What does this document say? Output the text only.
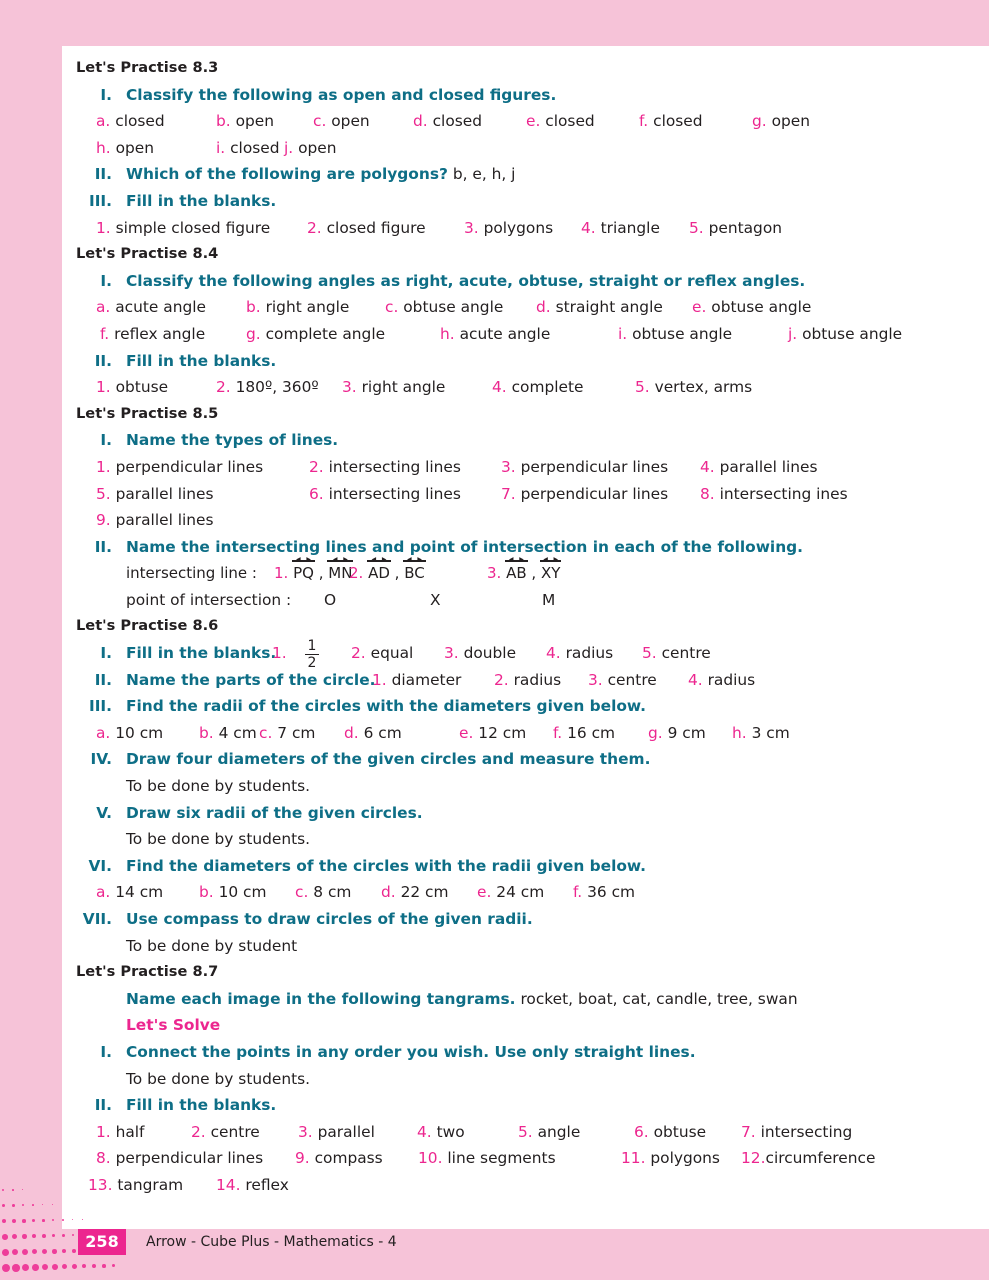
Let's Practise 8.3
I. Classify the following as open and closed figures.
a. closed	b. open	c. open	d. closed	e. closed	f. closed	g. open
h. open	i. closed j. open
II. Which of the following are polygons? b, e, h, j
III. Fill in the blanks.
1. simple closed figure 2. closed figure 3. polygons 4. triangle 5. pentagon
Let's Practise 8.4
I. Classify the following angles as right, acute, obtuse, straight or reflex angles.
a. acute angle	b. right angle c. obtuse angle d. straight angle e. obtuse angle
f. reflex angle	g. complete angle	h. acute angle	i. obtuse angle	j. obtuse angle
II. Fill in the blanks.
1. obtuse	2. 180º, 360º 3. right angle	4. complete	5. vertex, arms
Let's Practise 8.5
I. Name the types of lines.
1. perpendicular lines	2. intersecting lines	3. perpendicular lines 4. parallel lines
5. parallel lines	6. intersecting lines	7. perpendicular lines 8. intersecting ines
9. parallel lines
II. Name the intersecting lines and point of intersection in each of the following.
intersecting line : 1. PQ ◀   ▶ , MN ◀   ▶
2. AD ◀   ▶ , BC ◀   ▶	3. AB ◀   ▶ , XY ◀   ▶
point of intersection : O	X	M
Let's Practise 8.6
I. Fill in the blanks.
1. $\frac{1}{2} 2$. equal 3. double 4. radius 5. centre
II. Name the parts of the circle.
1. diameter 2. radius 3. centre 4. radius
III. Find the radii of the circles with the diameters given below.
a. 10 cm b. 4 cm c. 7 cm d. 6 cm	e. 12 cm f. 16 cm g. 9 cm h. 3 cm
IV. Draw four diameters of the given circles and measure them.
To be done by students.
V. Draw six radii of the given circles.
To be done by students.
VI. Find the diameters of the circles with the radii given below.
a. 14 cm b. 10 cm c. 8 cm d. 22 cm e. 24 cm f. 36 cm
VII. Use compass to draw circles of the given radii.
To be done by student
Let's Practise 8.7
Name each image in the following tangrams. rocket, boat, cat, candle, tree, swan
Let's Solve
I. Connect the points in any order you wish. Use only straight lines.
To be done by students.
II. Fill in the blanks.
1. half	2. centre 3. parallel	4. two	5. angle	6. obtuse 7. intersecting
8. perpendicular lines 9. compass 10. line segments	11. polygons 12.circumference
13. tangram 14. reflex
258	Arrow - Cube Plus - Mathematics - 4
